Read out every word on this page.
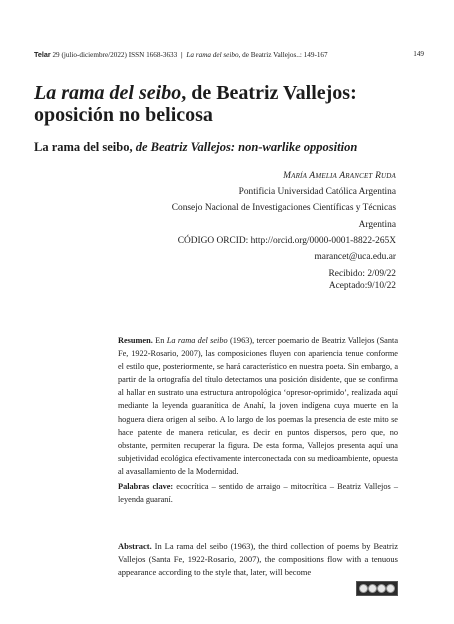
Telar 29 (julio-diciembre/2022) ISSN 1668-3633 | La rama del seibo, de Beatriz Vallejos..: 149-167	149
La rama del seibo, de Beatriz Vallejos:
oposición no belicosa
La rama del seibo, de Beatriz Vallejos: non-warlike opposition
María Amelia Arancet Ruda
Pontificia Universidad Católica Argentina
Consejo Nacional de Investigaciones Científicas y Técnicas
Argentina
CÓDIGO ORCID: http://orcid.org/0000-0001-8822-265X
marancet@uca.edu.ar
Recibido: 2/09/22
Aceptado:9/10/22

Resumen. En La rama del seibo (1963), tercer poemario de Beatriz Vallejos (Santa Fe, 1922-Rosario, 2007), las composiciones fluyen con apariencia tenue conforme el estilo que, posteriormente, se hará característico en nuestra poeta. Sin embargo, a partir de la ortografía del título detectamos una posición disidente, que se confirma al hallar en sustrato una estructura antropológica ‘opresor-oprimido’, realizada aquí mediante la leyenda guaranítica de Anahí, la joven indígena cuya muerte en la hoguera diera origen al seibo. A lo largo de los poemas la presencia de este mito se hace patente de manera reticular, es decir en puntos dispersos, pero que, no obstante, permiten recuperar la figura. De esta forma, Vallejos presenta aquí una subjetividad ecológica efectivamente interconectada con su medioambiente, opuesta al avasallamiento de la Modernidad.

Palabras clave: ecocrítica – sentido de arraigo – mitocrítica – Beatriz Vallejos – leyenda guaraní.

Abstract. In La rama del seibo (1963), the third collection of poems by Beatriz Vallejos (Santa Fe, 1922-Rosario, 2007), the compositions flow with a tenuous appearance according to the style that, later, will become
